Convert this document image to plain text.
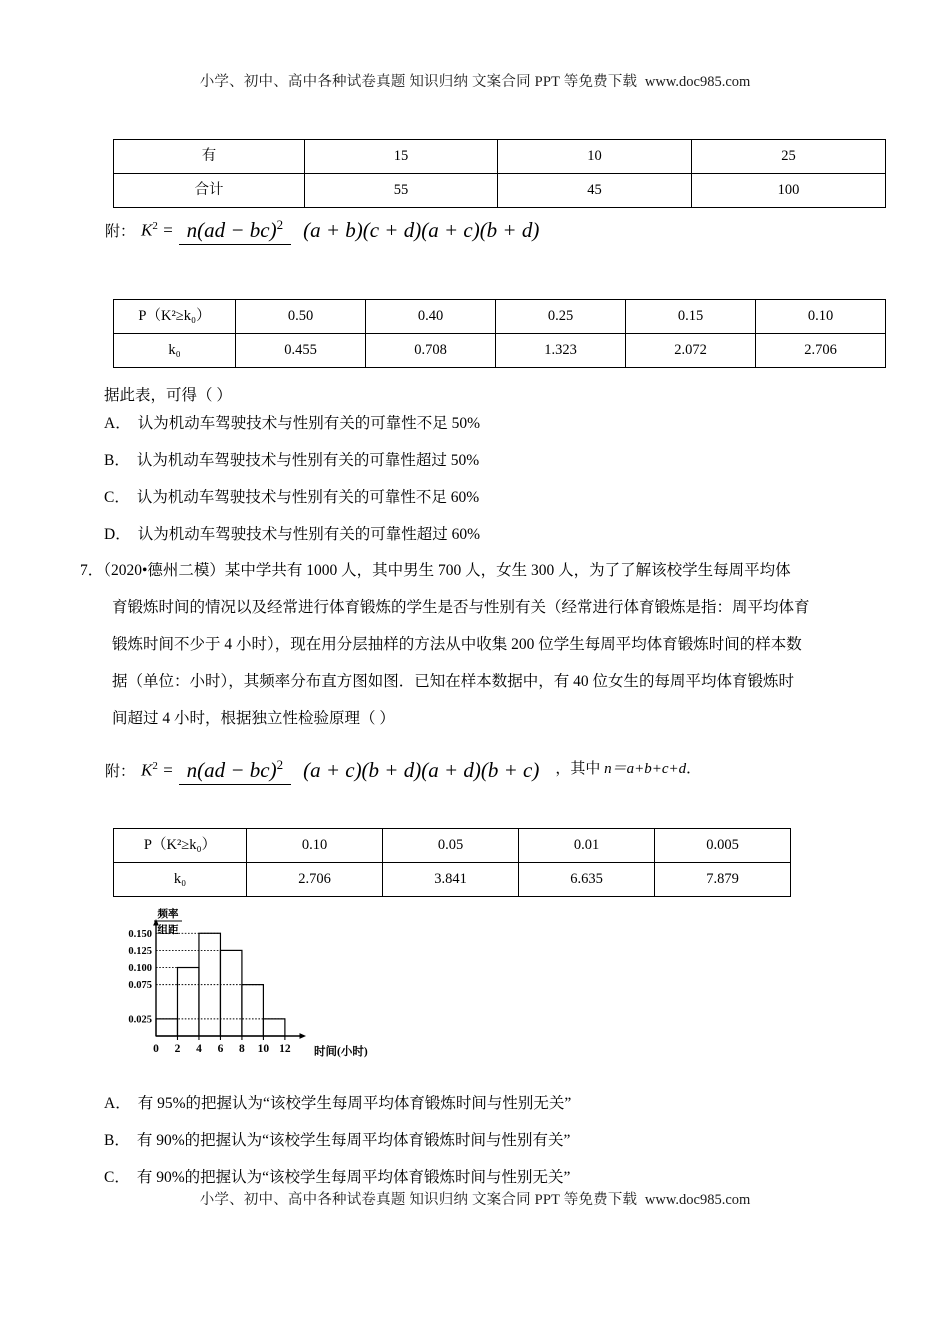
小学、初中、高中各种试卷真题 知识归纳 文案合同 PPT 等免费下载 www.doc985.com
有	15	10	25
合计	55	45	100
附： $K^2 = n(ad - bc)^2$ (a + b)(c + d)(a + c)(b + d)
P（K²≥k₀）	0.50	0.40	0.25	0.15	0.10
k₀	0.455	0.708	1.323	2.072	2.706
据此表，可得（ ）
A． 认为机动车驾驶技术与性别有关的可靠性不足 50%
B． 认为机动车驾驶技术与性别有关的可靠性超过 50%
C． 认为机动车驾驶技术与性别有关的可靠性不足 60%
D． 认为机动车驾驶技术与性别有关的可靠性超过 60%
7．（2020•德州二模）某中学共有 1000 人，其中男生 700 人，女生 300 人，为了了解该校学生每周平均体
育锻炼时间的情况以及经常进行体育锻炼的学生是否与性别有关（经常进行体育锻炼是指：周平均体育
锻炼时间不少于 4 小时），现在用分层抽样的方法从中收集 200 位学生每周平均体育锻炼时间的样本数
据（单位：小时），其频率分布直方图如图．已知在样本数据中，有 40 位女生的每周平均体育锻炼时
间超过 4 小时，根据独立性检验原理（ ）
附： $K^2 = n(ad - bc)^2$ (a + c)(b + d)(a + d)(b + c)	，其中 n＝a+b+c+d．
P（K²≥k₀）	0.10	0.05	0.01	0.005
k₀	2.706	3.841	6.635	7.879
频率
组距
0.025
0.075
0.100
0.125
0.150
0 2 4 6 8 10 12 时间(小时)
A． 有 95%的把握认为“该校学生每周平均体育锻炼时间与性别无关”
B． 有 90%的把握认为“该校学生每周平均体育锻炼时间与性别有关”
C． 有 90%的把握认为“该校学生每周平均体育锻炼时间与性别无关”
小学、初中、高中各种试卷真题 知识归纳 文案合同 PPT 等免费下载 www.doc985.com
